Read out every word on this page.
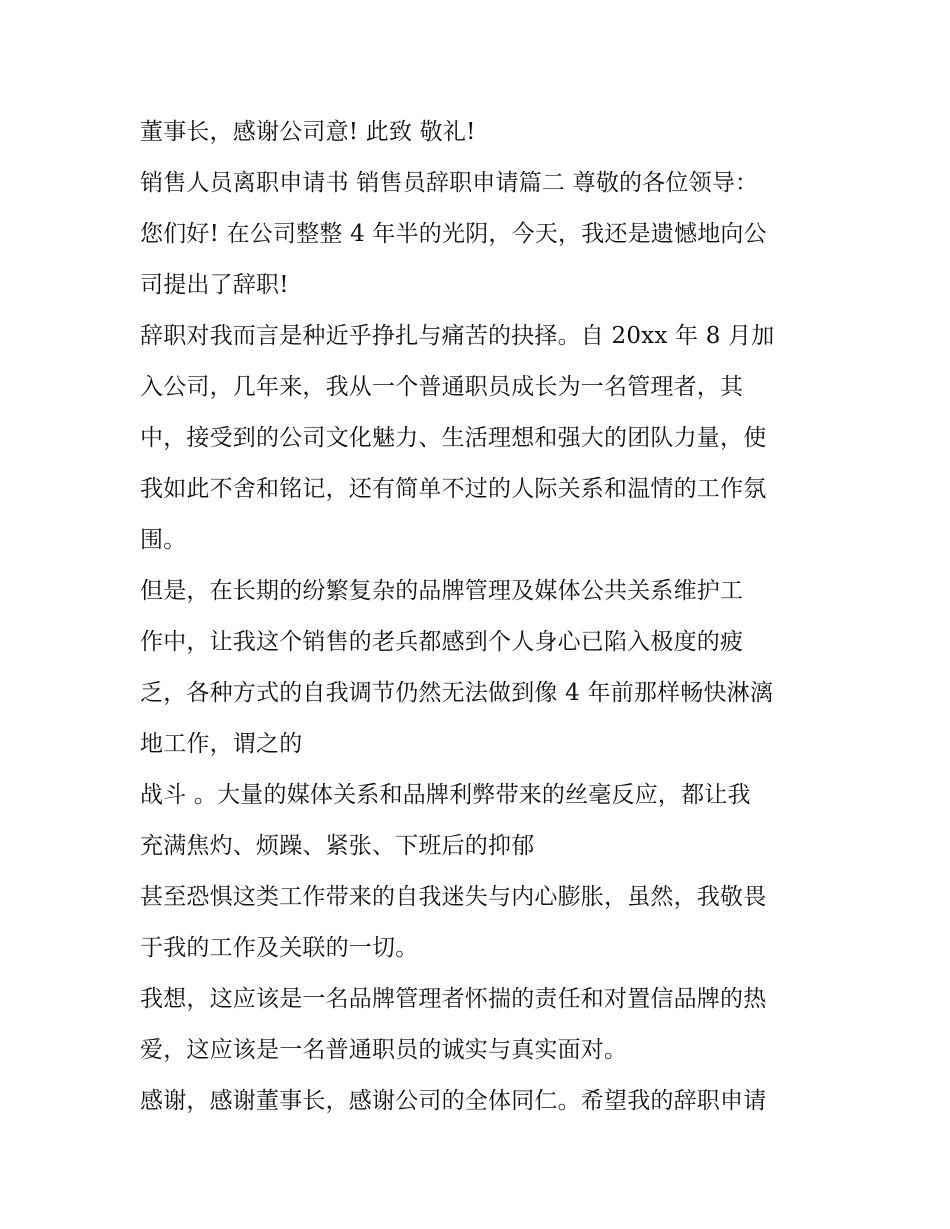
董事长，感谢公司意! 此致 敬礼!
销售人员离职申请书 销售员辞职申请篇二 尊敬的各位领导：
您们好! 在公司整整 4 年半的光阴，今天，我还是遗憾地向公
司提出了辞职!
辞职对我而言是种近乎挣扎与痛苦的抉择。自 20xx 年 8 月加
入公司，几年来，我从一个普通职员成长为一名管理者，其
中，接受到的公司文化魅力、生活理想和强大的团队力量，使
我如此不舍和铭记，还有简单不过的人际关系和温情的工作氛
围。
但是，在长期的纷繁复杂的品牌管理及媒体公共关系维护工
作中，让我这个销售的老兵都感到个人身心已陷入极度的疲
乏，各种方式的自我调节仍然无法做到像 4 年前那样畅快淋漓
地工作，谓之的
战斗 。大量的媒体关系和品牌利弊带来的丝毫反应，都让我
充满焦灼、烦躁、紧张、下班后的抑郁
甚至恐惧这类工作带来的自我迷失与内心膨胀，虽然，我敬畏
于我的工作及关联的一切。
我想，这应该是一名品牌管理者怀揣的责任和对置信品牌的热
爱，这应该是一名普通职员的诚实与真实面对。
感谢，感谢董事长，感谢公司的全体同仁。希望我的辞职申请
